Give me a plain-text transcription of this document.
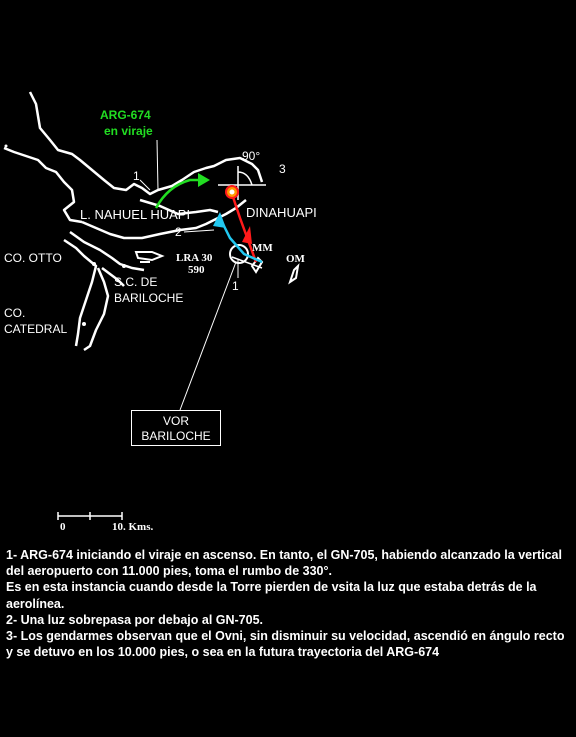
ARG-674
en viraje
L. NAHUEL HUAPI	DINAHUAPI
CO. OTTO
S.C. DE
BARILOCHE
CO.
CATEDRAL
LRA 30
590
MM
OM
90°
1
2
3
1
0	10. Kms.
VOR
BARILOCHE

1- ARG-674 iniciando el viraje en ascenso. En tanto, el GN-705, habiendo alcanzado la vertical del aeropuerto con 11.000 pies, toma el rumbo de 330°.

Es en esta instancia cuando desde la Torre pierden de vsita la luz que estaba detrás de la aerolínea.

2- Una luz sobrepasa por debajo al GN-705.

3- Los gendarmes observan que el Ovni, sin disminuir su velocidad, ascendió en ángulo recto y se detuvo en los 10.000 pies, o sea en la futura trayectoria del ARG-674
